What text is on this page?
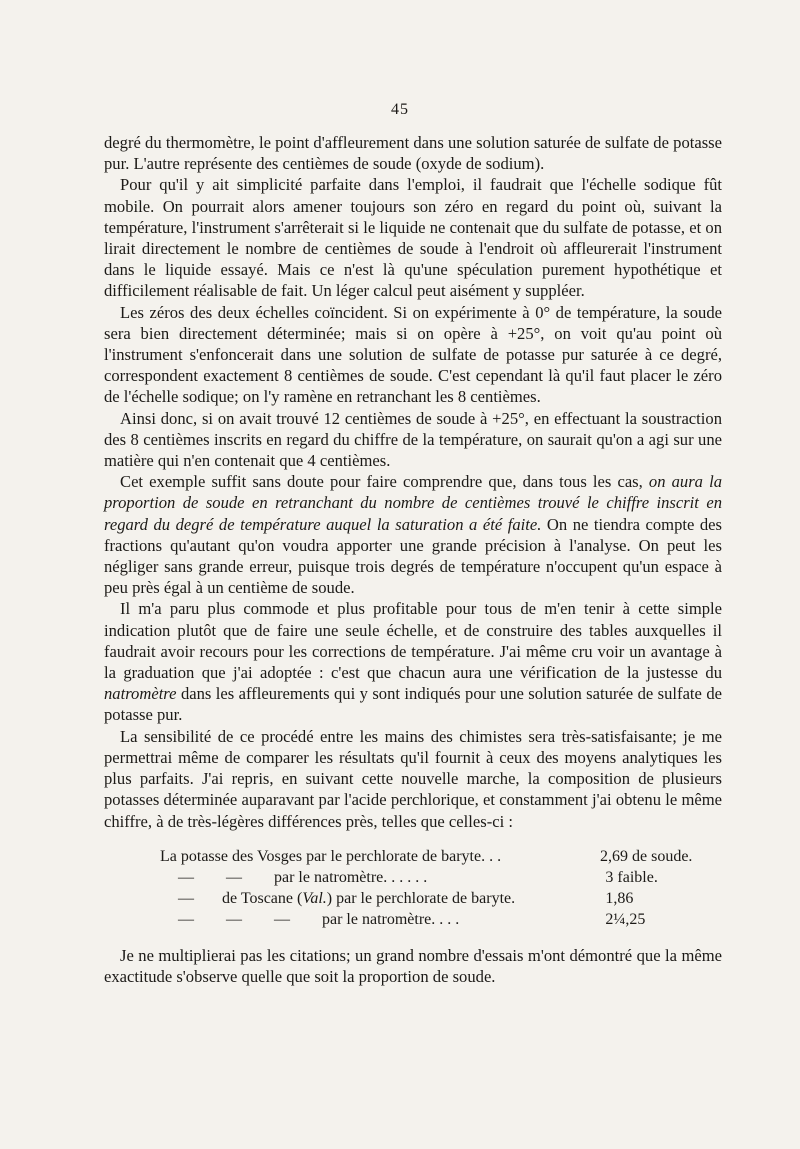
45

degré du thermomètre, le point d'affleurement dans une solution saturée de sulfate de potasse pur. L'autre représente des centièmes de soude (oxyde de sodium).

Pour qu'il y ait simplicité parfaite dans l'emploi, il faudrait que l'échelle sodique fût mobile. On pourrait alors amener toujours son zéro en regard du point où, suivant la température, l'instrument s'arrêterait si le liquide ne contenait que du sulfate de potasse, et on lirait directement le nombre de centièmes de soude à l'endroit où affleurerait l'instrument dans le liquide essayé. Mais ce n'est là qu'une spéculation purement hypothétique et difficilement réalisable de fait. Un léger calcul peut aisément y suppléer.

Les zéros des deux échelles coïncident. Si on expérimente à 0° de température, la soude sera bien directement déterminée; mais si on opère à +25°, on voit qu'au point où l'instrument s'enfoncerait dans une solution de sulfate de potasse pur saturée à ce degré, correspondent exactement 8 centièmes de soude. C'est cependant là qu'il faut placer le zéro de l'échelle sodique; on l'y ramène en retranchant les 8 centièmes.

Ainsi donc, si on avait trouvé 12 centièmes de soude à +25°, en effectuant la soustraction des 8 centièmes inscrits en regard du chiffre de la température, on saurait qu'on a agi sur une matière qui n'en contenait que 4 centièmes.

Cet exemple suffit sans doute pour faire comprendre que, dans tous les cas, on aura la proportion de soude en retranchant du nombre de centièmes trouvé le chiffre inscrit en regard du degré de température auquel la saturation a été faite. On ne tiendra compte des fractions qu'autant qu'on voudra apporter une grande précision à l'analyse. On peut les négliger sans grande erreur, puisque trois degrés de température n'occupent qu'un espace à peu près égal à un centième de soude.

Il m'a paru plus commode et plus profitable pour tous de m'en tenir à cette simple indication plutôt que de faire une seule échelle, et de construire des tables auxquelles il faudrait avoir recours pour les corrections de température. J'ai même cru voir un avantage à la graduation que j'ai adoptée : c'est que chacun aura une vérification de la justesse du natromètre dans les affleurements qui y sont indiqués pour une solution saturée de sulfate de potasse pur.

La sensibilité de ce procédé entre les mains des chimistes sera très-satisfaisante; je me permettrai même de comparer les résultats qu'il fournit à ceux des moyens analytiques les plus parfaits. J'ai repris, en suivant cette nouvelle marche, la composition de plusieurs potasses déterminée auparavant par l'acide perchlorique, et constamment j'ai obtenu le même chiffre, à de très-légères différences près, telles que celles-ci :

La potasse des Vosges par le perchlorate de baryte. . .	2,69 de soude.
—        —        par le natromètre. . . . . .	3 faible.
— de Toscane (Val.) par le perchlorate de baryte.	1,86
—        —        —        par le natromètre. . . .	2¼,25

Je ne multiplierai pas les citations; un grand nombre d'essais m'ont démontré que la même exactitude s'observe quelle que soit la proportion de soude.
